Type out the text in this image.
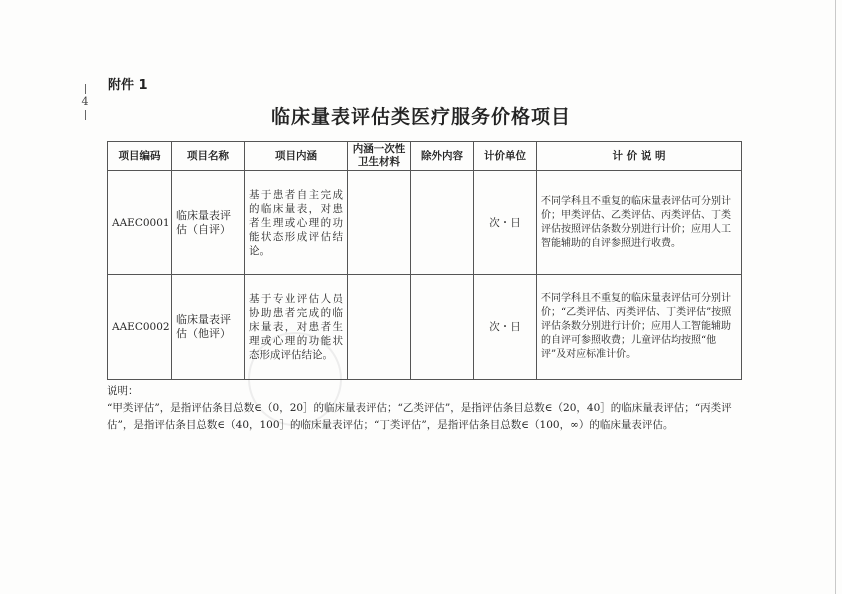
4
附件 1
临床量表评估类医疗服务价格项目
项目编码	项目名称	项目内涵	内涵一次性卫生材料	除外内容	计价单位	计 价 说 明
AAEC0001	临床量表评估（自评）	基于患者自主完成的临床量表，对患者生理或心理的功能状态形成评估结论。			次・日	不同学科且不重复的临床量表评估可分别计价；甲类评估、乙类评估、丙类评估、丁类评估按照评估条数分别进行计价；应用人工智能辅助的自评参照进行收费。
AAEC0002	临床量表评估（他评）	基于专业评估人员协助患者完成的临床量表，对患者生理或心理的功能状态形成评估结论。			次・日	不同学科且不重复的临床量表评估可分别计价；“乙类评估、丙类评估、丁类评估”按照评估条数分别进行计价；应用人工智能辅助的自评可参照收费；儿童评估均按照“他评”及对应标准计价。
说明：
“甲类评估”，是指评估条目总数∈（0，20］的临床量表评估；“乙类评估”，是指评估条目总数∈（20，40］的临床量表评估；“丙类评估”，是指评估条目总数∈（40，100］的临床量表评估；“丁类评估”，是指评估条目总数∈（100，∞）的临床量表评估。
